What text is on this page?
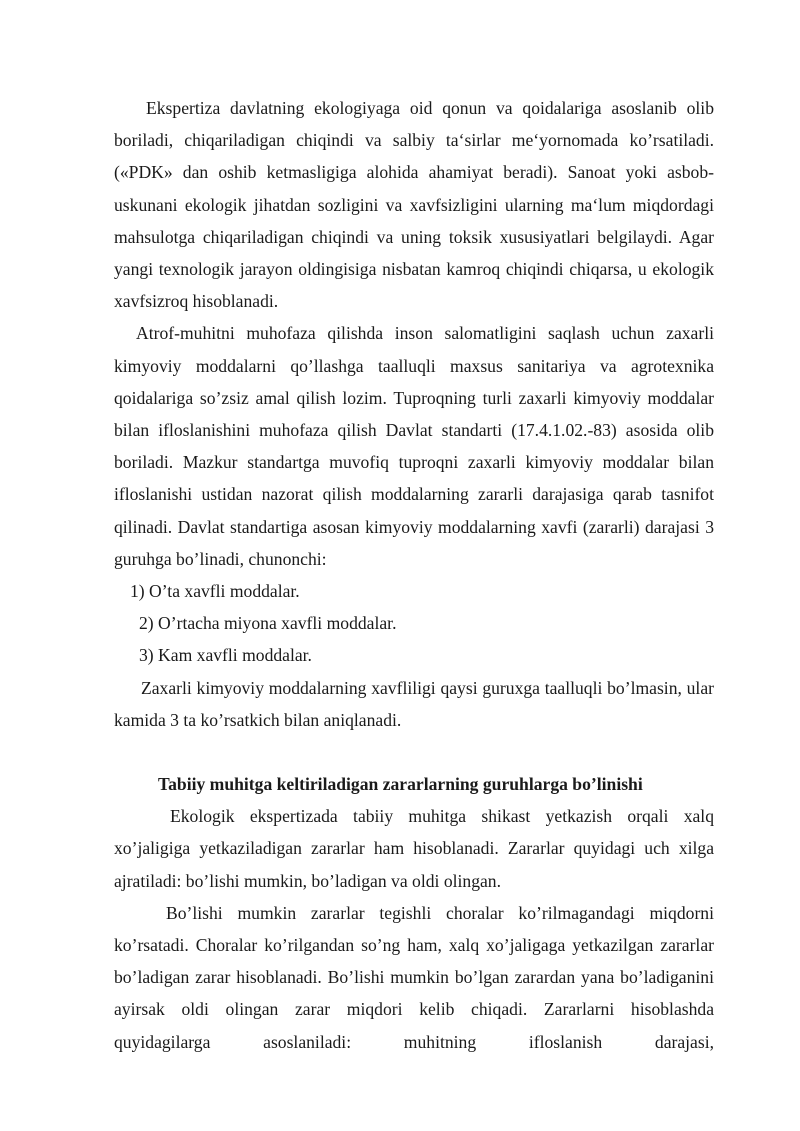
Ekspertiza davlatning ekologiyaga oid qonun va qoidalariga asoslanib olib boriladi, chiqariladigan chiqindi va salbiy ta‘sirlar me‘yornomada ko’rsatiladi. («PDK» dan oshib ketmasligiga alohida ahamiyat beradi). Sanoat yoki asbob-uskunani ekologik jihatdan sozligini va xavfsizligini ularning ma‘lum miqdordagi mahsulotga chiqariladigan chiqindi va uning toksik xususiyatlari belgilaydi. Agar yangi texnologik jarayon oldingisiga nisbatan kamroq chiqindi chiqarsa, u ekologik xavfsizroq hisoblanadi.

Atrof-muhitni muhofaza qilishda inson salomatligini saqlash uchun zaxarli kimyoviy moddalarni qo’llashga taalluqli maxsus sanitariya va agrotexnika qoidalariga so’zsiz amal qilish lozim. Tuproqning turli zaxarli kimyoviy moddalar bilan ifloslanishini muhofaza qilish Davlat standarti (17.4.1.02.-83) asosida olib boriladi. Mazkur standartga muvofiq tuproqni zaxarli kimyoviy moddalar bilan ifloslanishi ustidan nazorat qilish moddalarning zararli darajasiga qarab tasnifot qilinadi. Davlat standartiga asosan kimyoviy moddalarning xavfi (zararli) darajasi 3 guruhga bo’linadi, chunonchi:

1) O’ta xavfli moddalar.

2) O’rtacha miyona xavfli moddalar.

3) Kam xavfli moddalar.

Zaxarli kimyoviy moddalarning xavfliligi qaysi guruxga taalluqli bo’lmasin, ular kamida 3 ta ko’rsatkich bilan aniqlanadi.

Tabiiy muhitga keltiriladigan zararlarning guruhlarga bo’linishi

Ekologik ekspertizada tabiiy muhitga shikast yetkazish orqali xalq xo’jaligiga yetkaziladigan zararlar ham hisoblanadi. Zararlar quyidagi uch xilga ajratiladi: bo’lishi mumkin, bo’ladigan va oldi olingan.

Bo’lishi mumkin zararlar tegishli choralar ko’rilmagandagi miqdorni ko’rsatadi. Choralar ko’rilgandan so’ng ham, xalq xo’jaligaga yetkazilgan zararlar bo’ladigan zarar hisoblanadi. Bo’lishi mumkin bo’lgan zarardan yana bo’ladiganini ayirsak oldi olingan zarar miqdori kelib chiqadi. Zararlarni hisoblashda quyidagilarga asoslaniladi: muhitning ifloslanish darajasi,
